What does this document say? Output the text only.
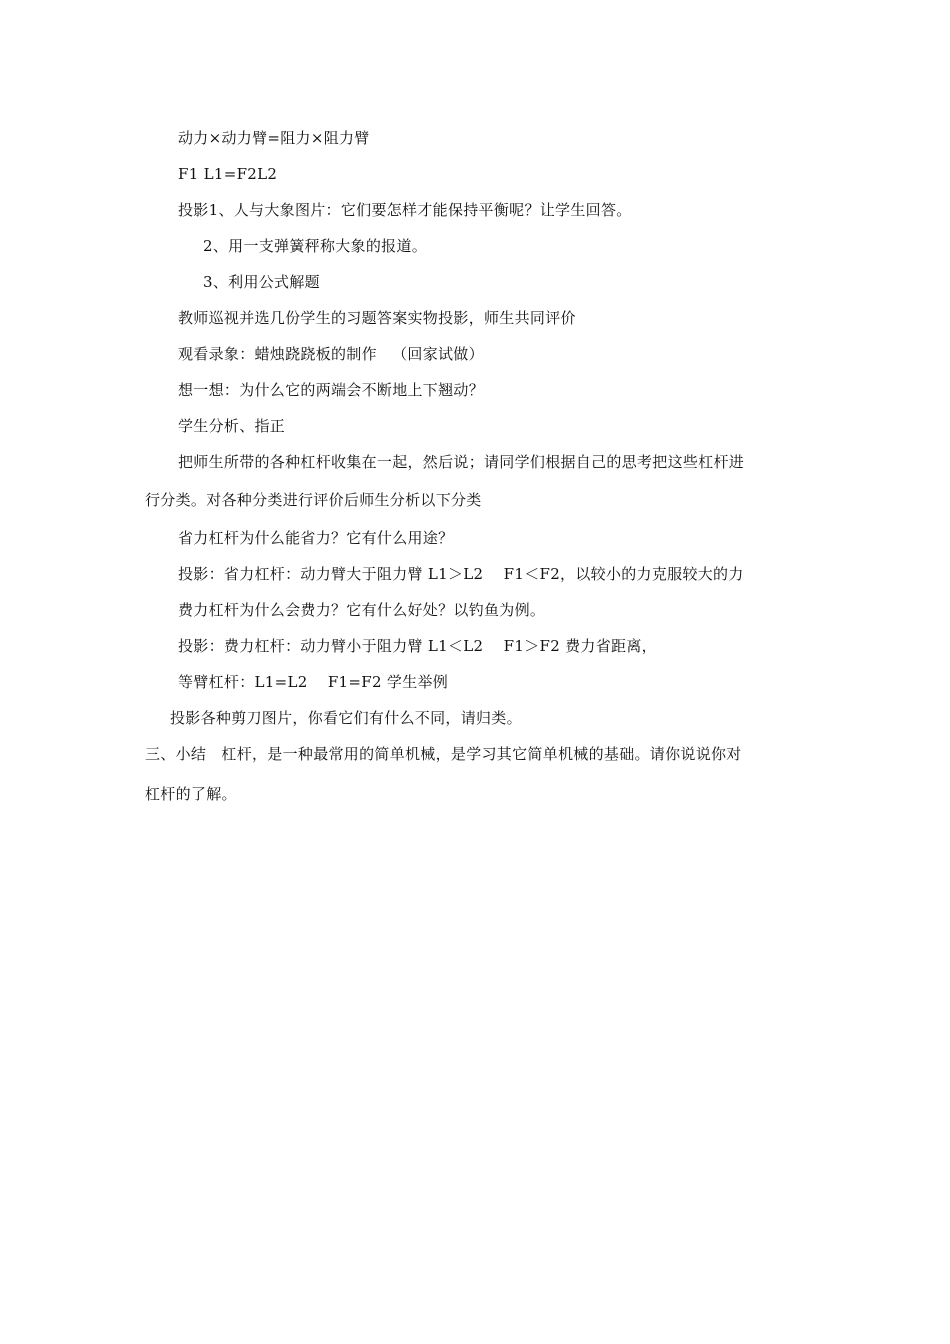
动力×动力臂=阻力×阻力臂
F1 L1=F2L2
投影1、人与大象图片：它们要怎样才能保持平衡呢？让学生回答。
2、用一支弹簧秤称大象的报道。
3、利用公式解题
教师巡视并选几份学生的习题答案实物投影，师生共同评价
观看录象：蜡烛跷跷板的制作   （回家试做）
想一想：为什么它的两端会不断地上下翘动？
学生分析、指正
把师生所带的各种杠杆收集在一起，然后说；请同学们根据自己的思考把这些杠杆进
行分类。对各种分类进行评价后师生分析以下分类
省力杠杆为什么能省力？它有什么用途？
投影：省力杠杆：动力臂大于阻力臂 L1＞L2    F1＜F2，以较小的力克服较大的力
费力杠杆为什么会费力？它有什么好处？以钓鱼为例。
投影：费力杠杆：动力臂小于阻力臂 L1＜L2    F1＞F2 费力省距离，
等臂杠杆：L1=L2    F1=F2 学生举例
投影各种剪刀图片，你看它们有什么不同，请归类。
三、小结   杠杆，是一种最常用的简单机械，是学习其它简单机械的基础。请你说说你对
杠杆的了解。
